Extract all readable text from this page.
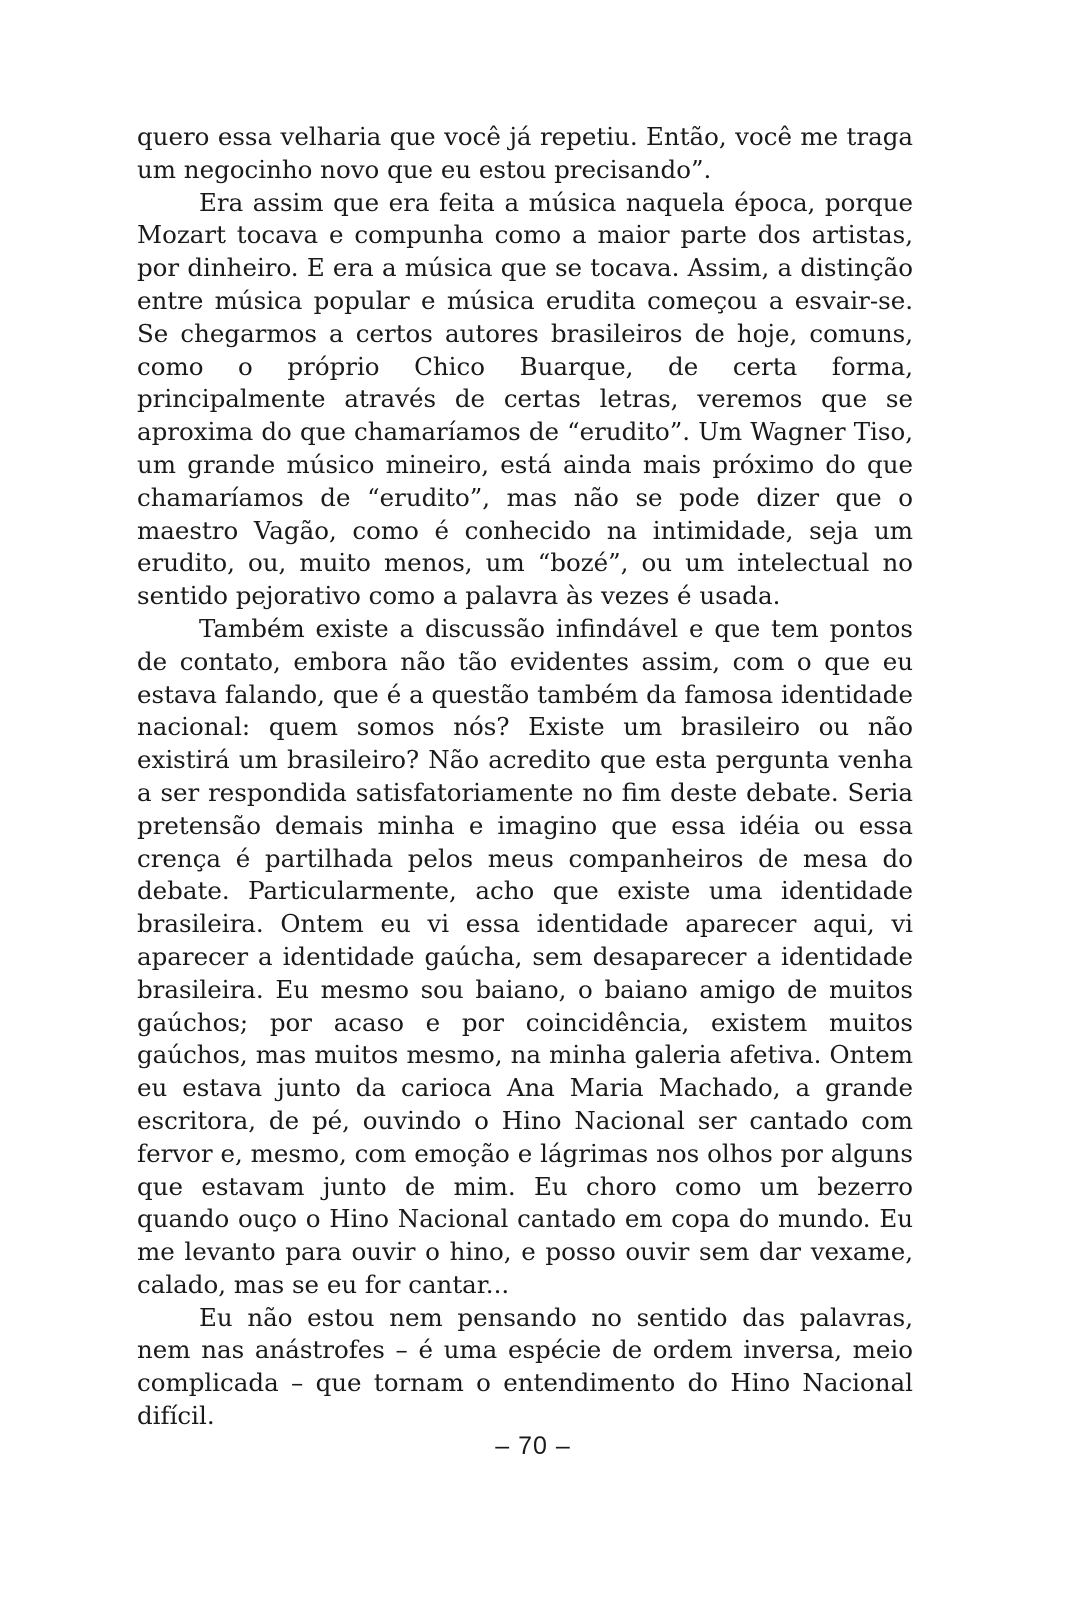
quero essa velharia que você já repetiu. Então, você me traga um negocinho novo que eu estou precisando”.

Era assim que era feita a música naquela época, porque Mozart tocava e compunha como a maior parte dos artistas, por dinheiro. E era a música que se tocava. Assim, a distinção entre música popular e música erudita começou a esvair-se. Se chegarmos a certos autores brasileiros de hoje, comuns, como o próprio Chico Buarque, de certa forma, principalmente através de certas letras, veremos que se aproxima do que chamaríamos de “erudito”. Um Wagner Tiso, um grande músico mineiro, está ainda mais próximo do que chamaríamos de “erudito”, mas não se pode dizer que o maestro Vagão, como é conhecido na intimidade, seja um erudito, ou, muito menos, um “bozé”, ou um intelectual no sentido pejorativo como a palavra às vezes é usada.

Também existe a discussão infindável e que tem pontos de contato, embora não tão evidentes assim, com o que eu estava falando, que é a questão também da famosa identidade nacional: quem somos nós? Existe um brasileiro ou não existirá um brasileiro? Não acredito que esta pergunta venha a ser respondida satisfatoriamente no fim deste debate. Seria pretensão demais minha e imagino que essa idéia ou essa crença é partilhada pelos meus companheiros de mesa do debate. Particularmente, acho que existe uma identidade brasileira. Ontem eu vi essa identidade aparecer aqui, vi aparecer a identidade gaúcha, sem desaparecer a identidade brasileira. Eu mesmo sou baiano, o baiano amigo de muitos gaúchos; por acaso e por coincidência, existem muitos gaúchos, mas muitos mesmo, na minha galeria afetiva. Ontem eu estava junto da carioca Ana Maria Machado, a grande escritora, de pé, ouvindo o Hino Nacional ser cantado com fervor e, mesmo, com emoção e lágrimas nos olhos por alguns que estavam junto de mim. Eu choro como um bezerro quando ouço o Hino Nacional cantado em copa do mundo. Eu me levanto para ouvir o hino, e posso ouvir sem dar vexame, calado, mas se eu for cantar...

Eu não estou nem pensando no sentido das palavras, nem nas anástrofes – é uma espécie de ordem inversa, meio complicada – que tornam o entendimento do Hino Nacional difícil.

– 70 –
